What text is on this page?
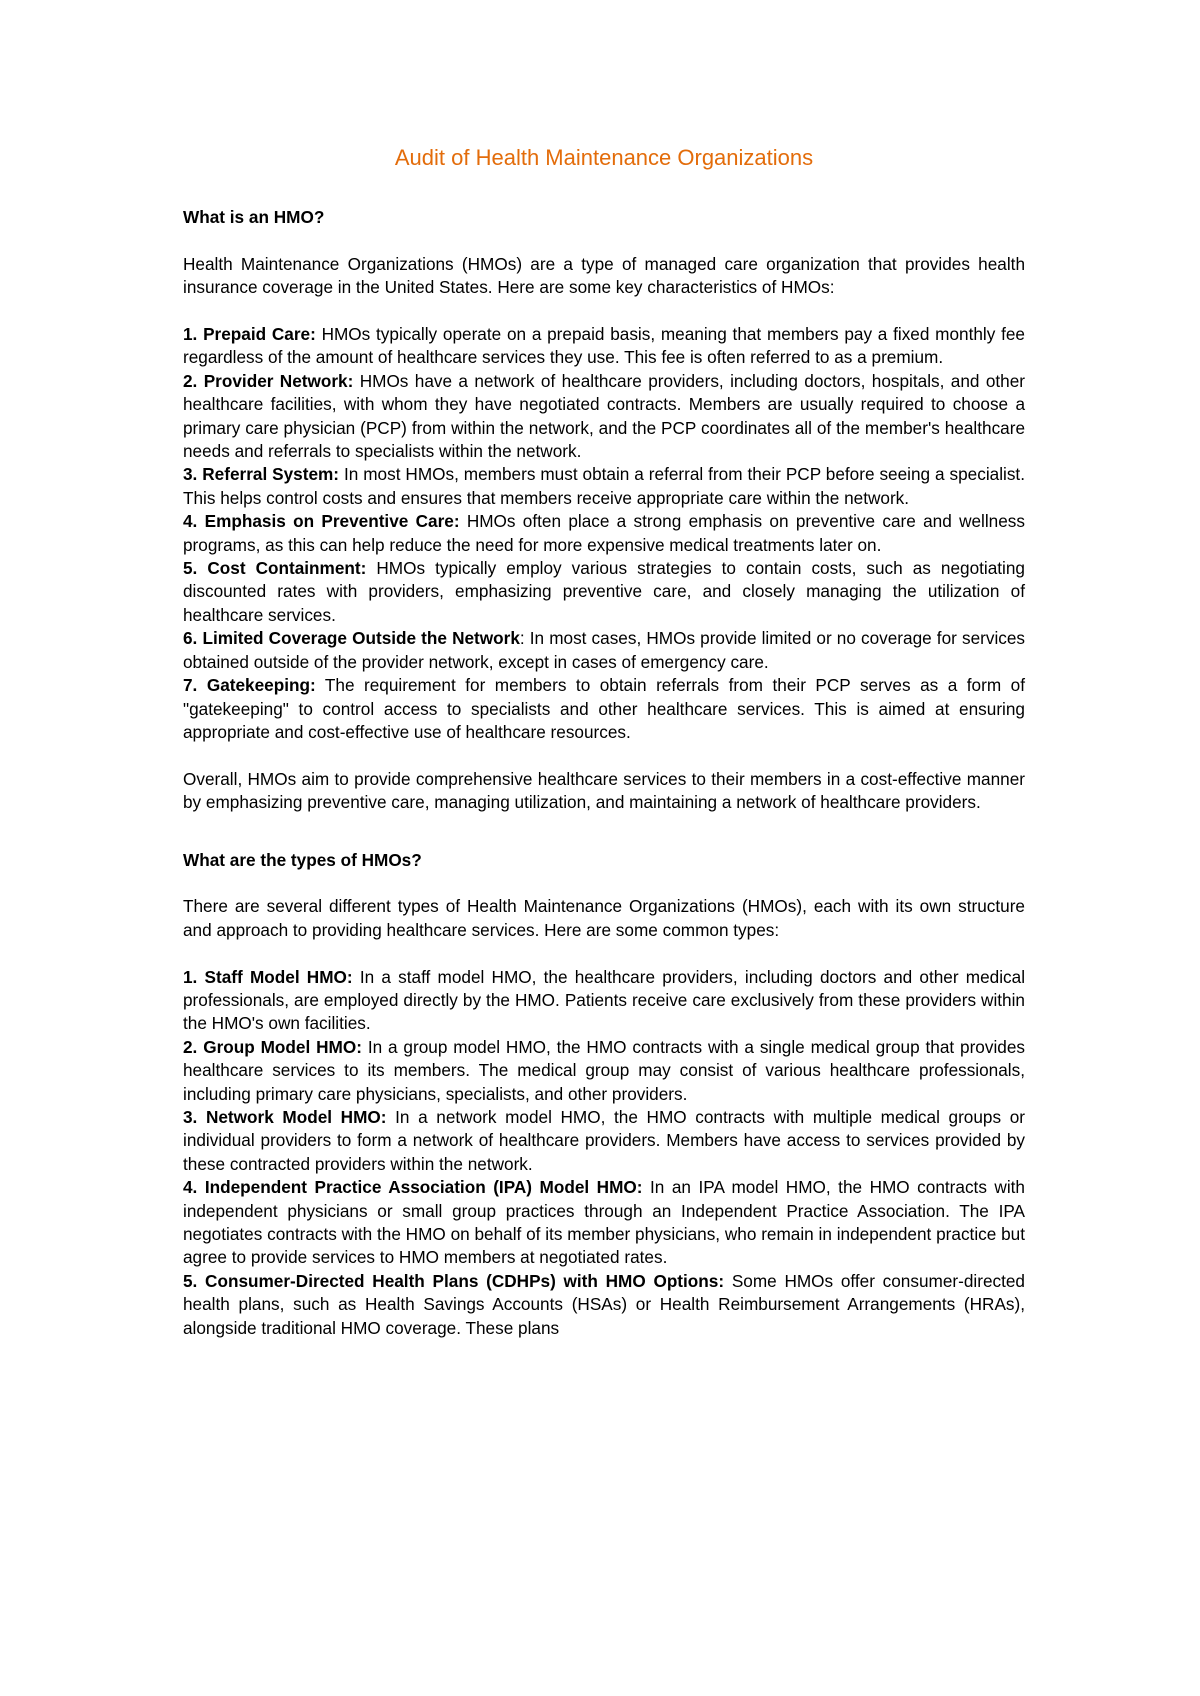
Audit of Health Maintenance Organizations
What is an HMO?

Health Maintenance Organizations (HMOs) are a type of managed care organization that provides health insurance coverage in the United States. Here are some key characteristics of HMOs:

1. Prepaid Care: HMOs typically operate on a prepaid basis, meaning that members pay a fixed monthly fee regardless of the amount of healthcare services they use. This fee is often referred to as a premium.
2. Provider Network: HMOs have a network of healthcare providers, including doctors, hospitals, and other healthcare facilities, with whom they have negotiated contracts. Members are usually required to choose a primary care physician (PCP) from within the network, and the PCP coordinates all of the member's healthcare needs and referrals to specialists within the network.
3. Referral System: In most HMOs, members must obtain a referral from their PCP before seeing a specialist. This helps control costs and ensures that members receive appropriate care within the network.
4. Emphasis on Preventive Care: HMOs often place a strong emphasis on preventive care and wellness programs, as this can help reduce the need for more expensive medical treatments later on.
5. Cost Containment: HMOs typically employ various strategies to contain costs, such as negotiating discounted rates with providers, emphasizing preventive care, and closely managing the utilization of healthcare services.
6. Limited Coverage Outside the Network: In most cases, HMOs provide limited or no coverage for services obtained outside of the provider network, except in cases of emergency care.
7. Gatekeeping: The requirement for members to obtain referrals from their PCP serves as a form of "gatekeeping" to control access to specialists and other healthcare services. This is aimed at ensuring appropriate and cost-effective use of healthcare resources.

Overall, HMOs aim to provide comprehensive healthcare services to their members in a cost-effective manner by emphasizing preventive care, managing utilization, and maintaining a network of healthcare providers.

What are the types of HMOs?

There are several different types of Health Maintenance Organizations (HMOs), each with its own structure and approach to providing healthcare services. Here are some common types:

1. Staff Model HMO: In a staff model HMO, the healthcare providers, including doctors and other medical professionals, are employed directly by the HMO. Patients receive care exclusively from these providers within the HMO's own facilities.
2. Group Model HMO: In a group model HMO, the HMO contracts with a single medical group that provides healthcare services to its members. The medical group may consist of various healthcare professionals, including primary care physicians, specialists, and other providers.
3. Network Model HMO: In a network model HMO, the HMO contracts with multiple medical groups or individual providers to form a network of healthcare providers. Members have access to services provided by these contracted providers within the network.
4. Independent Practice Association (IPA) Model HMO: In an IPA model HMO, the HMO contracts with independent physicians or small group practices through an Independent Practice Association. The IPA negotiates contracts with the HMO on behalf of its member physicians, who remain in independent practice but agree to provide services to HMO members at negotiated rates.
5. Consumer-Directed Health Plans (CDHPs) with HMO Options: Some HMOs offer consumer-directed health plans, such as Health Savings Accounts (HSAs) or Health Reimbursement Arrangements (HRAs), alongside traditional HMO coverage. These plans
